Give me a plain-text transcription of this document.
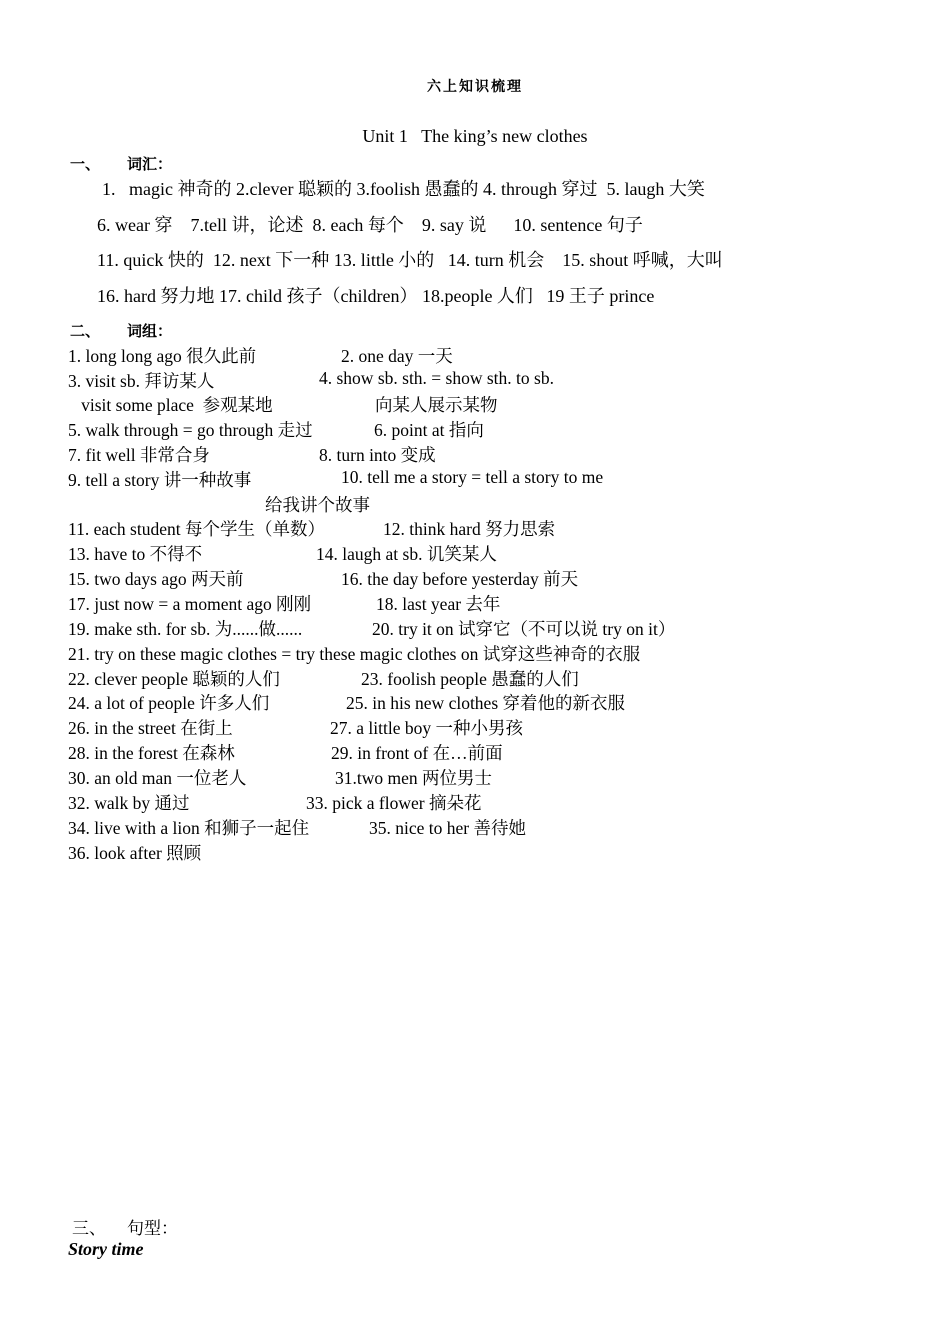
六上知识梳理
Unit 1   The king’s new clothes
一、 词汇：
1.   magic 神奇的 2.clever 聪颖的 3.foolish 愚蠢的 4. through 穿过  5. laugh 大笑
6. wear 穿    7.tell 讲，论述  8. each 每个    9. say 说      10. sentence 句子
11. quick 快的  12. next 下一种 13. little 小的   14. turn 机会    15. shout 呼喊，大叫
16. hard 努力地 17. child 孩子（children） 18.people 人们   19 王子 prince
二、 词组：
1. long long ago 很久此前	2. one day 一天
3. visit sb. 拜访某人	4. show sb. sth. = show sth. to sb.
visit some place  参观某地	向某人展示某物
5. walk through = go through 走过	6. point at 指向
7. fit well 非常合身	8. turn into 变成
9. tell a story 讲一种故事	10. tell me a story = tell a story to me
给我讲个故事
11. each student 每个学生（单数）	12. think hard 努力思索
13. have to 不得不	14. laugh at sb. 讥笑某人
15. two days ago 两天前	16. the day before yesterday 前天
17. just now = a moment ago 刚刚	18. last year 去年
19. make sth. for sb. 为......做......	20. try it on 试穿它（不可以说 try on it）
21. try on these magic clothes = try these magic clothes on 试穿这些神奇的衣服
22. clever people 聪颖的人们	23. foolish people 愚蠢的人们
24. a lot of people 许多人们	25. in his new clothes 穿着他的新衣服
26. in the street 在街上	27. a little boy 一种小男孩
28. in the forest 在森林	29. in front of 在…前面
30. an old man 一位老人	31.two men 两位男士
32. walk by 通过	33. pick a flower 摘朵花
34. live with a lion 和狮子一起住	35. nice to her 善待她
36. look after 照顾
三、 句型：
Story time
